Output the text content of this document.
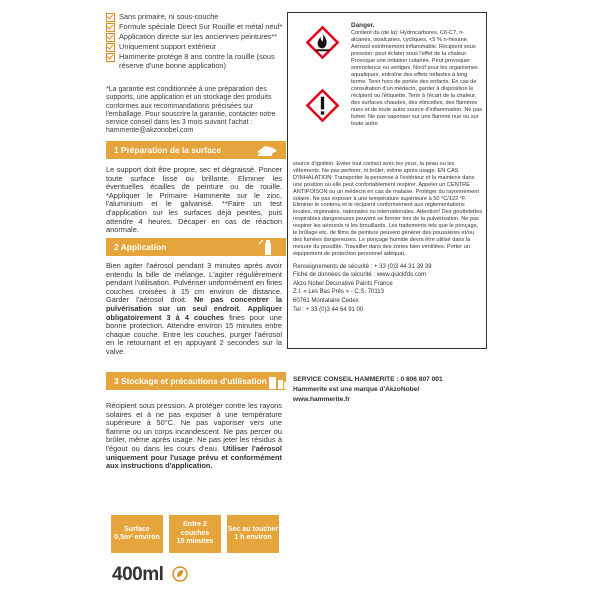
Sans primaire, ni sous-couche
Formule spéciale Direct Sur Rouille et métal neuf*
Application directe sur les anciennes peintures**
Uniquement support extérieur
Hammerite protège 8 ans contre la rouille (sous réserve d'une bonne application)
*La garantie est conditionnée à une préparation des supports, une application et un stockage des produits conformes aux recommandations précisées sur l'emballage. Pour souscrire la garantie, contacter notre service conseil dans les 3 mois suivant l'achat : hammerite@akzonobel.com
1 Préparation de la surface
Le support doit être propre, sec et dégraissé. Poncer toute surface lisse ou brillante. Eliminer les éventuelles écailles de peinture ou de rouille. *Appliquer le Primaire Hammerite sur le zinc, l'aluminium et le galvanisé. **Faire un test d'application sur les surfaces déjà peintes, puis attendre 4 heures. Décaper en cas de réaction anormale.
2 Application
Bien agiter l'aérosol pendant 3 minutes après avoir entendu la bille de mélange. L'agiter régulièrement pendant l'utilisation. Pulvériser uniformément en fines couches croisées à 15 cm environ de distance. Garder l'aérosol droit. Ne pas concentrer la pulvérisation sur un seul endroit. Appliquer obligatoirement 3 à 4 couches fines pour une bonne protection. Attendre environ 15 minutes entre chaque couche. Entre les couches, purger l'aérosol en le retournant et en appuyant 2 secondes sur la valve.
3 Stockage et précautions d'utilisation
Récipient sous pression. A protéger contre les rayons solaires et à ne pas exposer à une température supérieure à 50°C. Ne pas vaporiser vers une flamme ou un corps incandescent. Ne pas percer ou brûler, même après usage. Ne pas jeter les résidus à l'égout ou dans les cours d'eau. Utiliser l'aérosol uniquement pour l'usage prévu et conformément aux instructions d'application.
Surface
0,5m² environ
Entre 2 couches
15 minutes
Sec au toucher
1 h environ
400ml
Danger.
Contient du (de la): Hydrocarbures, C6-C7, n-alcanes, isoalcanes, cycliques, <5 % n-hexane. Aérosol extrêmement inflammable. Récipient sous pression: peut éclater sous l'effet de la chaleur. Provoque une irritation cutanée. Peut provoquer somnolence ou vertiges. Nocif pour les organismes aquatiques, entraîne des effets néfastes à long terme. Tenir hors de portée des enfants. En cas de consultation d'un médecin, garder à disposition le récipient ou l'étiquette. Tenir à l'écart de la chaleur, des surfaces chaudes, des étincelles, des flammes nues et de toute autre source d'inflammation. Ne pas fumer. Ne pas vaporiser sur une flamme nue ou sur toute autre
source d'ignition. Eviter tout contact avec les yeux, la peau ou les vêtements. Ne pas perforer, ni brûler, même après usage. EN CAS D'INHALATION: Transporter la personne à l'extérieur et la maintenir dans une position où elle peut confortablement respirer. Appeler un CENTRE ANTIPOISON ou un médecin en cas de malaise. Protéger du rayonnement solaire. Ne pas exposer à une température supérieure à 50 °C/122 °F. Eliminer le contenu et le récipient conformément aux réglementations locales, régionales, nationales ou internationales. Attention! Des gouttelettes respirables dangereuses peuvent se former lors de la pulvérisation. Ne pas respirer les aérosols ni les brouillards. Les traitements tels que le ponçage, le brûlage etc. de films de peinture peuvent générer des poussières et/ou des fumées dangereuses. Le ponçage humide devra être utilisé dans la mesure du possible. Travailler dans des zones bien ventilées. Porter un équipement de protection personnel adéquat.
Renseignements de sécurité : + 33 (0)3 44 31 39 39
Fiche de données de sécurité : www.quickfds.com
Akzo Nobel Decorative Paints France
Z.I. « Les Bas Prés » - C.S. 70113
60761 Montataire Cedex
Tel : + 33 (0)3 44 64 91 00
SERVICE CONSEIL HAMMERITE : 0 806 807 001
Hammerite est une marque d'AkzoNobel
www.hammerite.fr
